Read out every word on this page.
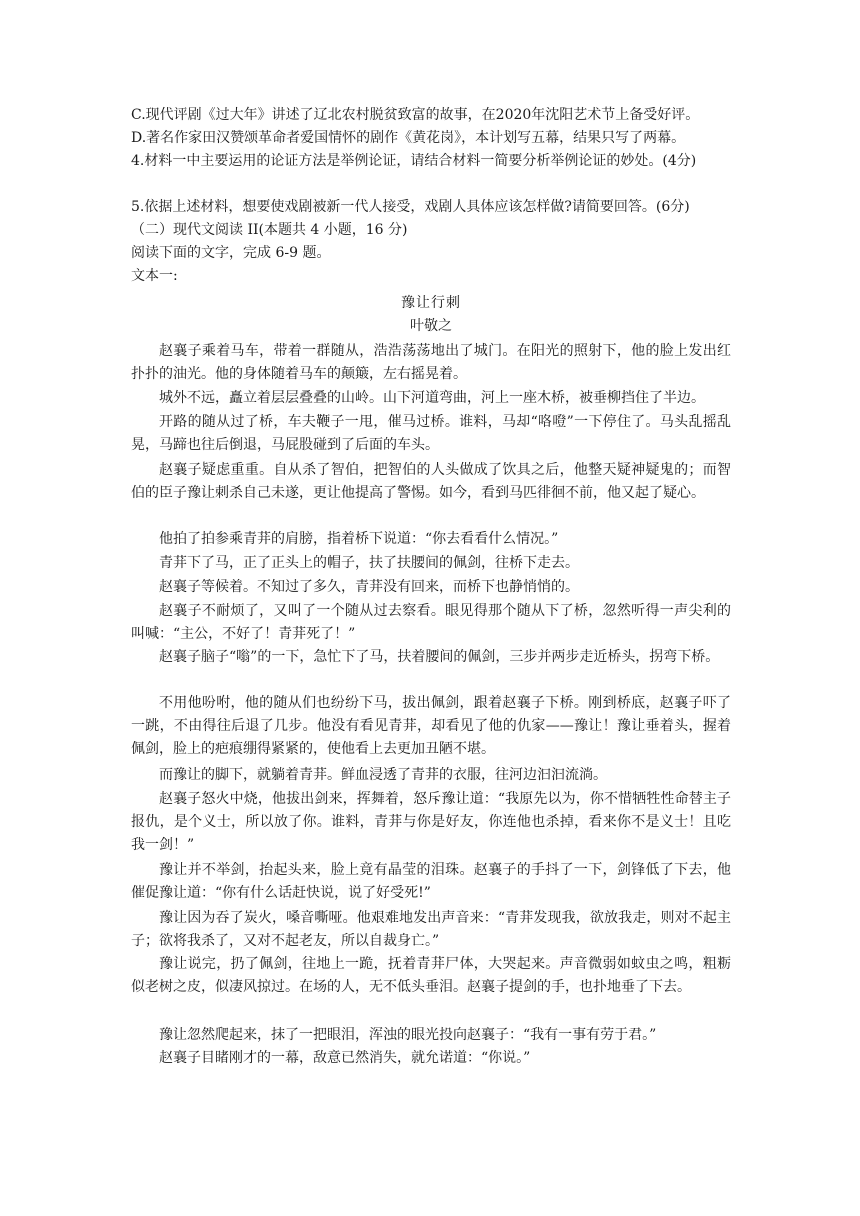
C.现代评剧《过大年》讲述了辽北农村脱贫致富的故事，在2020年沈阳艺术节上备受好评。
D.著名作家田汉赞颂革命者爱国情怀的剧作《黄花岗》，本计划写五幕，结果只写了两幕。
4.材料一中主要运用的论证方法是举例论证，请结合材料一简要分析举例论证的妙处。(4分)
5.依据上述材料，想要使戏剧被新一代人接受，戏剧人具体应该怎样做?请简要回答。(6分)
（二）现代文阅读 II(本题共 4 小题，16 分)
阅读下面的文字，完成 6-9 题。
文本一:
豫让行刺
叶敬之
赵襄子乘着马车，带着一群随从，浩浩荡荡地出了城门。在阳光的照射下，他的脸上发出红扑扑的油光。他的身体随着马车的颠簸，左右摇晃着。
城外不远，矗立着层层叠叠的山岭。山下河道弯曲，河上一座木桥，被垂柳挡住了半边。
开路的随从过了桥，车夫鞭子一甩，催马过桥。谁料，马却“咯噔”一下停住了。马头乱摇乱晃，马蹄也往后倒退，马屁股碰到了后面的车头。
赵襄子疑虑重重。自从杀了智伯，把智伯的人头做成了饮具之后，他整天疑神疑鬼的；而智伯的臣子豫让刺杀自己未遂，更让他提高了警惕。如今，看到马匹徘徊不前，他又起了疑心。
他拍了拍参乘青荓的肩膀，指着桥下说道：“你去看看什么情况。”
青荓下了马，正了正头上的帽子，扶了扶腰间的佩剑，往桥下走去。
赵襄子等候着。不知过了多久，青荓没有回来，而桥下也静悄悄的。
赵襄子不耐烦了，又叫了一个随从过去察看。眼见得那个随从下了桥，忽然听得一声尖利的叫喊：“主公，不好了！青荓死了！”
赵襄子脑子“嗡”的一下，急忙下了马，扶着腰间的佩剑，三步并两步走近桥头，拐弯下桥。
不用他吩咐，他的随从们也纷纷下马，拔出佩剑，跟着赵襄子下桥。刚到桥底，赵襄子吓了一跳，不由得往后退了几步。他没有看见青荓，却看见了他的仇家——豫让！豫让垂着头，握着佩剑，脸上的疤痕绷得紧紧的，使他看上去更加丑陋不堪。
而豫让的脚下，就躺着青荓。鲜血浸透了青荓的衣服，往河边汩汩流淌。
赵襄子怒火中烧，他拔出剑来，挥舞着，怒斥豫让道：“我原先以为，你不惜牺牲性命替主子报仇，是个义士，所以放了你。谁料，青荓与你是好友，你连他也杀掉，看来你不是义士！且吃我一剑！”
豫让并不举剑，抬起头来，脸上竟有晶莹的泪珠。赵襄子的手抖了一下，剑锋低了下去，他催促豫让道：“你有什么话赶快说，说了好受死!”
豫让因为吞了炭火，嗓音嘶哑。他艰难地发出声音来：“青荓发现我，欲放我走，则对不起主子；欲将我杀了，又对不起老友，所以自裁身亡。”
豫让说完，扔了佩剑，往地上一跪，抚着青荓尸体，大哭起来。声音微弱如蚊虫之鸣，粗粝似老树之皮，似凄风掠过。在场的人，无不低头垂泪。赵襄子提剑的手，也扑地垂了下去。
豫让忽然爬起来，抹了一把眼泪，浑浊的眼光投向赵襄子：“我有一事有劳于君。”
赵襄子目睹刚才的一幕，敌意已然消失，就允诺道：“你说。”
